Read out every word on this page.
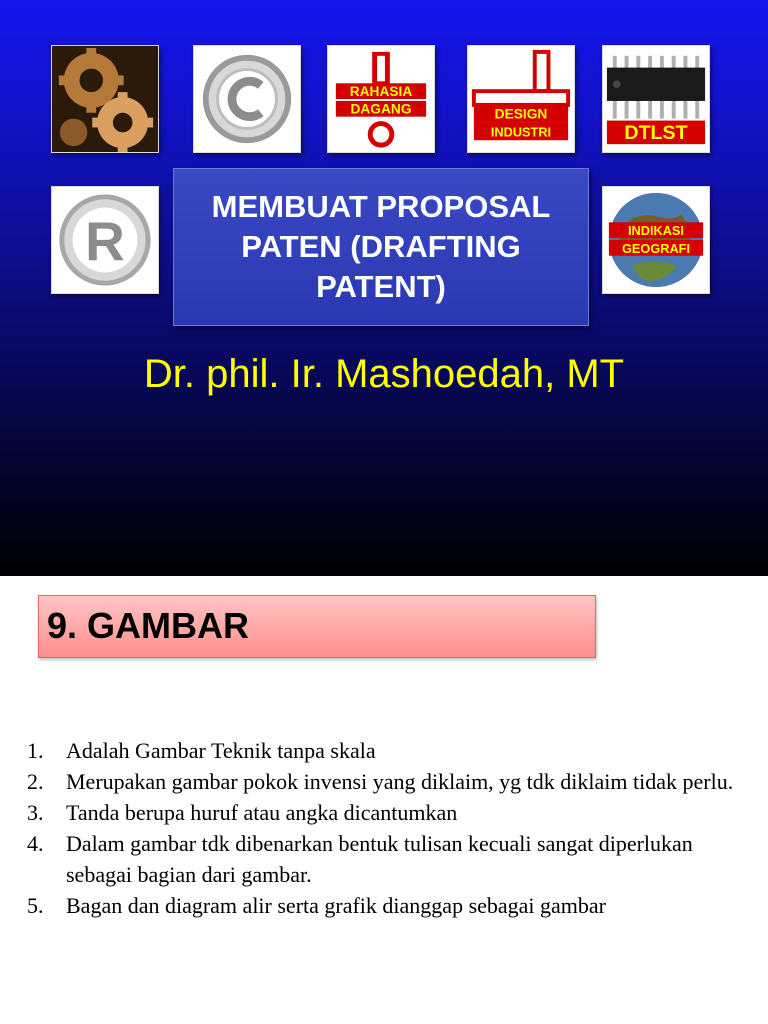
RAHASIA
DAGANG	DESIGN
INDUSTRI	DTLST
R	INDIKASI
GEOGRAFI
MEMBUAT PROPOSAL PATEN (DRAFTING PATENT)
Dr. phil. Ir. Mashoedah, MT
9. GAMBAR
1. Adalah Gambar Teknik tanpa skala
2. Merupakan gambar pokok invensi yang diklaim, yg tdk diklaim tidak perlu.
3. Tanda berupa huruf atau angka dicantumkan
4. Dalam gambar tdk dibenarkan bentuk tulisan kecuali sangat diperlukan sebagai bagian dari gambar.
5. Bagan dan diagram alir serta grafik dianggap sebagai gambar
